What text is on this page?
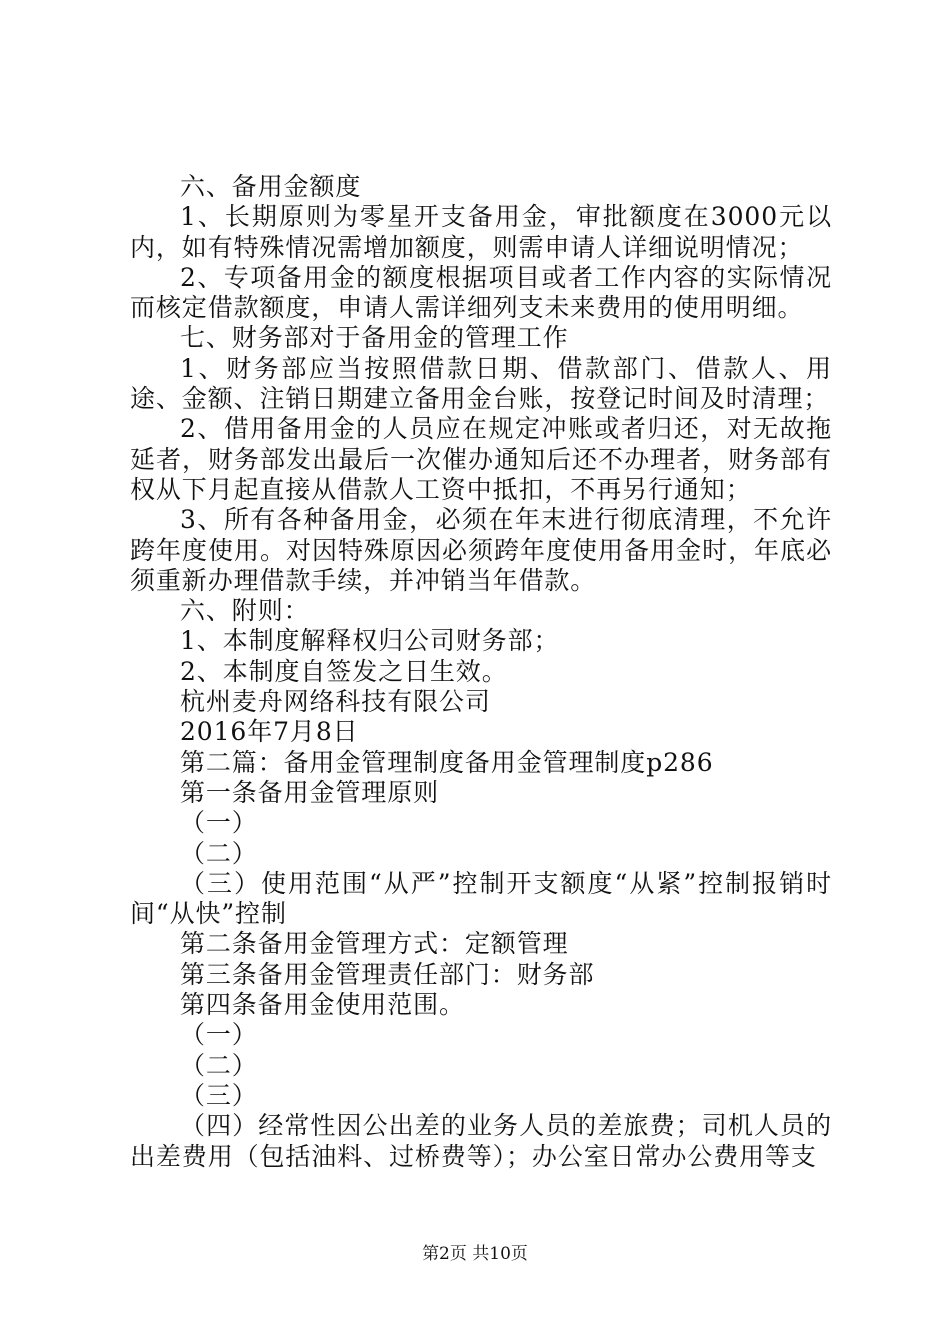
六、备用金额度

1、长期原则为零星开支备用金，审批额度在3000元以内，如有特殊情况需增加额度，则需申请人详细说明情况；

2、专项备用金的额度根据项目或者工作内容的实际情况而核定借款额度，申请人需详细列支未来费用的使用明细。

七、财务部对于备用金的管理工作

1、财务部应当按照借款日期、借款部门、借款人、用途、金额、注销日期建立备用金台账，按登记时间及时清理；

2、借用备用金的人员应在规定冲账或者归还，对无故拖延者，财务部发出最后一次催办通知后还不办理者，财务部有权从下月起直接从借款人工资中抵扣，不再另行通知；

3、所有各种备用金，必须在年末进行彻底清理，不允许跨年度使用。对因特殊原因必须跨年度使用备用金时，年底必须重新办理借款手续，并冲销当年借款。

六、附则：

1、本制度解释权归公司财务部；

2、本制度自签发之日生效。

杭州麦舟网络科技有限公司

2016年7月8日

第二篇：备用金管理制度备用金管理制度p286

第一条备用金管理原则

（一）

（二）

（三）使用范围“从严”控制开支额度“从紧”控制报销时间“从快”控制

第二条备用金管理方式：定额管理

第三条备用金管理责任部门：财务部

第四条备用金使用范围。

（一）

（二）

（三）

（四）经常性因公出差的业务人员的差旅费；司机人员的出差费用（包括油料、过桥费等）；办公室日常办公费用等支

第2页 共10页
